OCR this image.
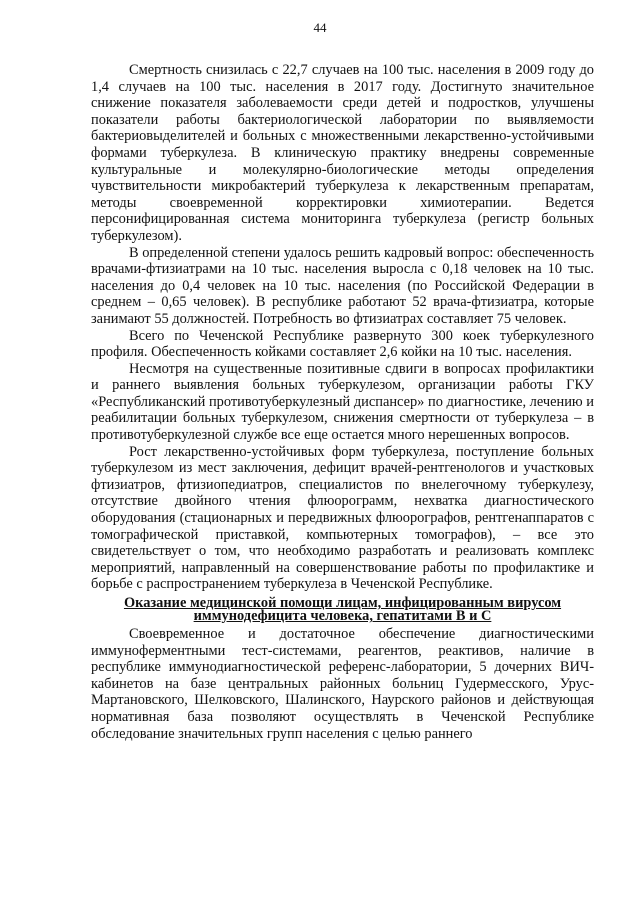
44

Смертность снизилась с 22,7 случаев на 100 тыс. населения в 2009 году до 1,4 случаев на 100 тыс. населения в 2017 году. Достигнуто значительное снижение показателя заболеваемости среди детей и подростков, улучшены показатели работы бактериологической лаборатории по выявляемости бактериовыделителей и больных с множественными лекарственно-устойчивыми формами туберкулеза. В клиническую практику внедрены современные культуральные и молекулярно-биологические методы определения чувствительности микробактерий туберкулеза к лекарственным препаратам, методы своевременной корректировки химиотерапии. Ведется персонифицированная система мониторинга туберкулеза (регистр больных туберкулезом).

В определенной степени удалось решить кадровый вопрос: обеспеченность врачами-фтизиатрами на 10 тыс. населения выросла с 0,18 человек на 10 тыс. населения до 0,4 человек на 10 тыс. населения (по Российской Федерации в среднем – 0,65 человек). В республике работают 52 врача-фтизиатра, которые занимают 55 должностей. Потребность во фтизиатрах составляет 75 человек.

Всего по Чеченской Республике развернуто 300 коек туберкулезного профиля. Обеспеченность койками составляет 2,6 койки на 10 тыс. населения.

Несмотря на существенные позитивные сдвиги в вопросах профилактики и раннего выявления больных туберкулезом, организации работы ГКУ «Республиканский противотуберкулезный диспансер» по диагностике, лечению и реабилитации больных туберкулезом, снижения смертности от туберкулеза – в противотуберкулезной службе все еще остается много нерешенных вопросов.

Рост лекарственно-устойчивых форм туберкулеза, поступление больных туберкулезом из мест заключения, дефицит врачей-рентгенологов и участковых фтизиатров, фтизиопедиатров, специалистов по внелегочному туберкулезу, отсутствие двойного чтения флюорограмм, нехватка диагностического оборудования (стационарных и передвижных флюорографов, рентгенаппаратов с томографической приставкой, компьютерных томографов), – все это свидетельствует о том, что необходимо разработать и реализовать комплекс мероприятий, направленный на совершенствование работы по профилактике и борьбе с распространением туберкулеза в Чеченской Республике.

Оказание медицинской помощи лицам, инфицированным вирусом
иммунодефицита человека, гепатитами В и С

Своевременное и достаточное обеспечение диагностическими иммуноферментными тест-системами, реагентов, реактивов, наличие в республике иммунодиагностической референс-лаборатории, 5 дочерних ВИЧ-кабинетов на базе центральных районных больниц Гудермесского, Урус-Мартановского, Шелковского, Шалинского, Наурского районов и действующая нормативная база позволяют осуществлять в Чеченской Республике обследование значительных групп населения с целью раннего
